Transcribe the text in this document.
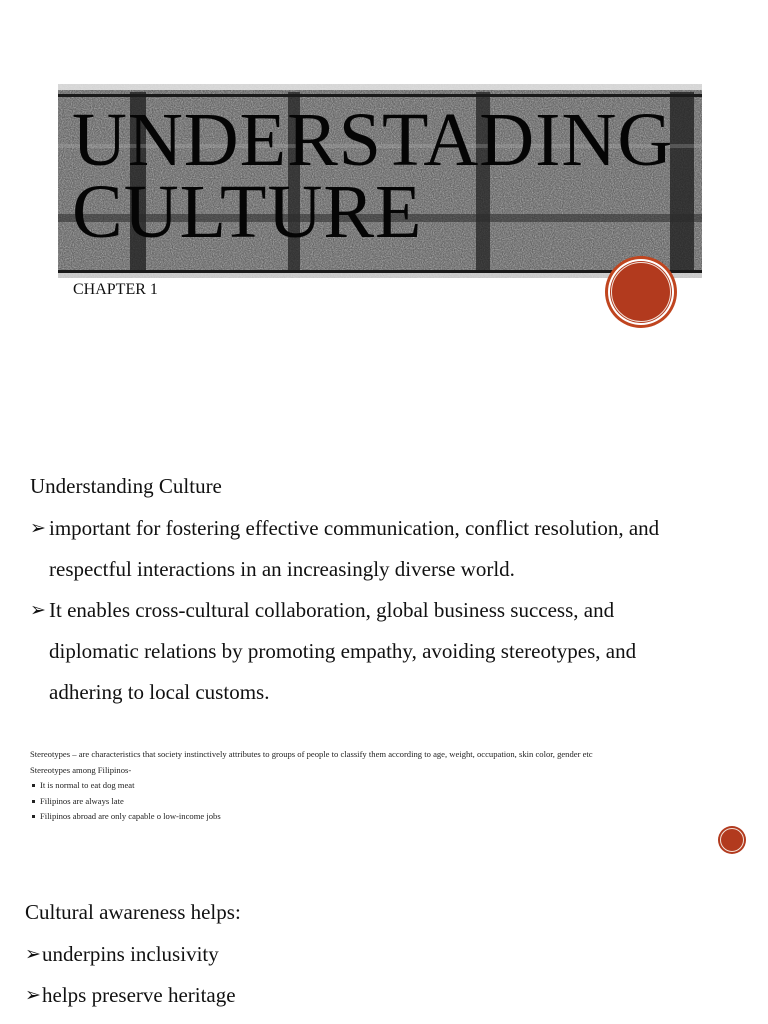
UNDERSTADING
CULTURE

CHAPTER 1

Understanding Culture
➢ important for fostering effective communication, conflict resolution, and
respectful interactions in an increasingly diverse world.
➢ It enables cross-cultural collaboration, global business success, and
diplomatic relations by promoting empathy, avoiding stereotypes, and
adhering to local customs.

Stereotypes – are characteristics that society instinctively attributes to groups of people to classify them according to age, weight, occupation, skin color, gender etc

Stereotypes among Filipinos-

It is normal to eat dog meat
Filipinos are always late
Filipinos abroad are only capable o low-income jobs
Cultural awareness helps:
➢ underpins inclusivity
➢ helps preserve heritage
